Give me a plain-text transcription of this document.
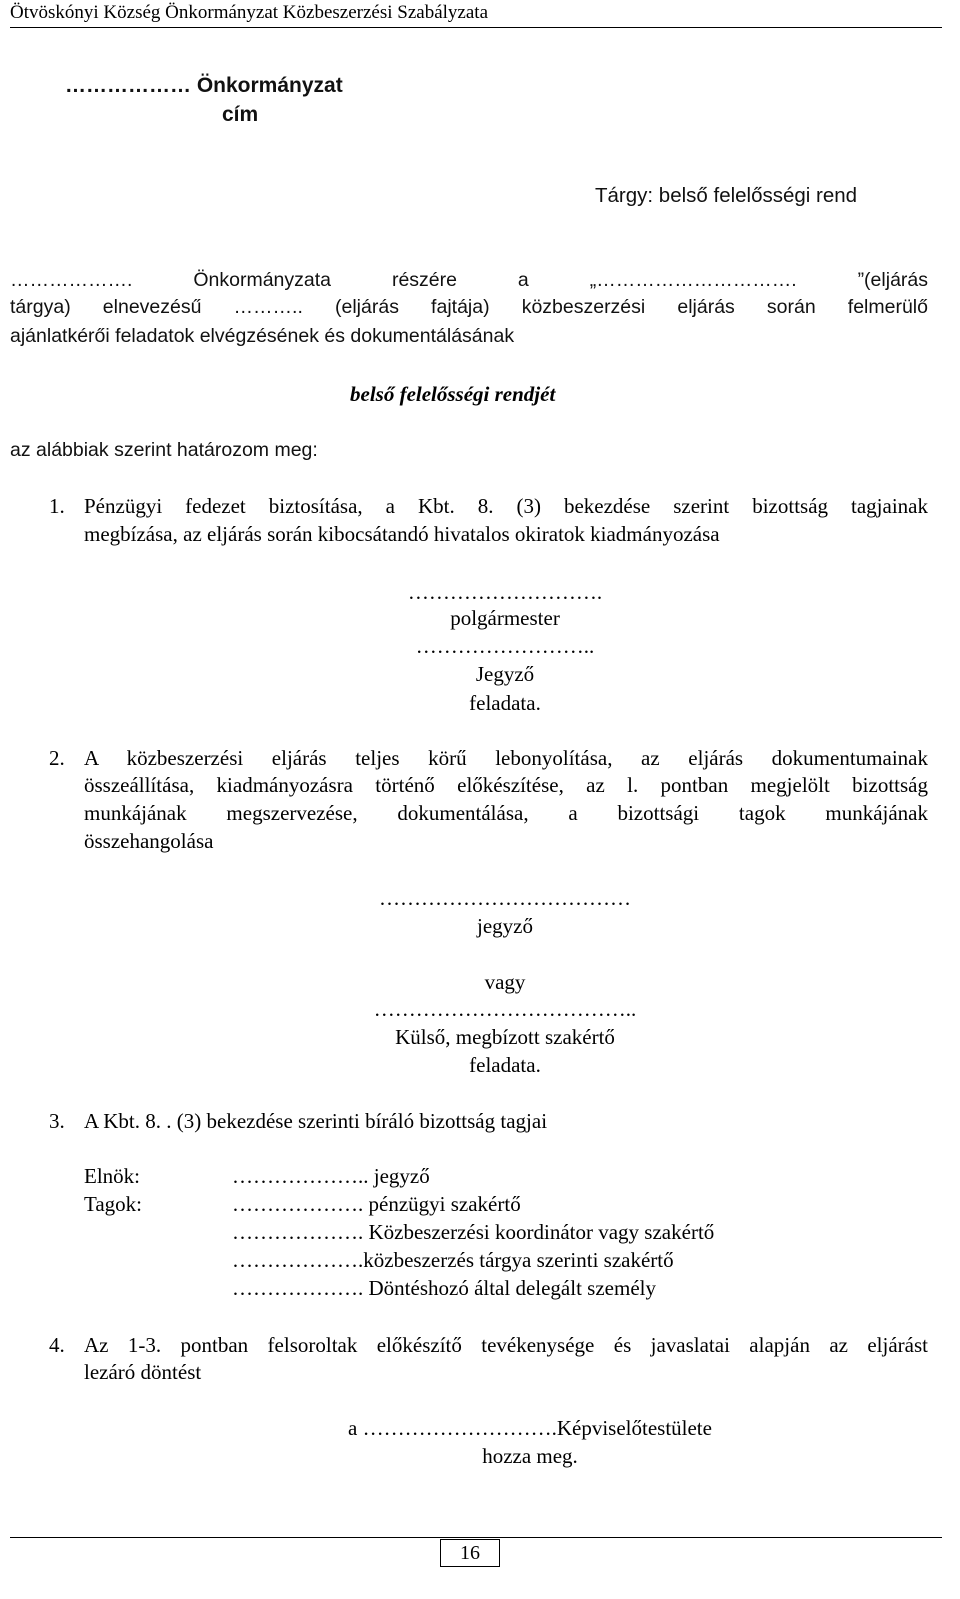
Ötvöskónyi Község Önkormányzat Közbeszerzési Szabályzata
……………… Önkormányzat
cím
Tárgy: belső felelősségi rend
………………. Önkormányzata részére a „…………………………. ”(eljárás
tárgya) elnevezésű ……….. (eljárás fajtája) közbeszerzési eljárás során felmerülő
ajánlatkérői feladatok elvégzésének és dokumentálásának
belső felelősségi rendjét
az alábbiak szerint határozom meg:
1. Pénzügyi fedezet biztosítása, a Kbt. 8. (3) bekezdése szerint bizottság tagjainak
megbízása, az eljárás során kibocsátandó hivatalos okiratok kiadmányozása
……………………….
polgármester
……………………..
Jegyző
feladata.
2. A közbeszerzési eljárás teljes körű lebonyolítása, az eljárás dokumentumainak
összeállítása, kiadmányozásra történő előkészítése, az l. pontban megjelölt bizottság
munkájának megszervezése, dokumentálása, a bizottsági tagok munkájának
összehangolása
………………………………
jegyző
vagy
………………………………..
Külső, megbízott szakértő
feladata.
3. A Kbt. 8. . (3) bekezdése szerinti bíráló bizottság tagjai
Elnök:
Tagok:
……………….. jegyző
………………. pénzügyi szakértő
………………. Közbeszerzési koordinátor vagy szakértő
……………….közbeszerzés tárgya szerinti szakértő
………………. Döntéshozó által delegált személy
4. Az 1-3. pontban felsoroltak előkészítő tevékenysége és javaslatai alapján az eljárást
lezáró döntést
a ……………………….Képviselőtestülete
hozza meg.
16
